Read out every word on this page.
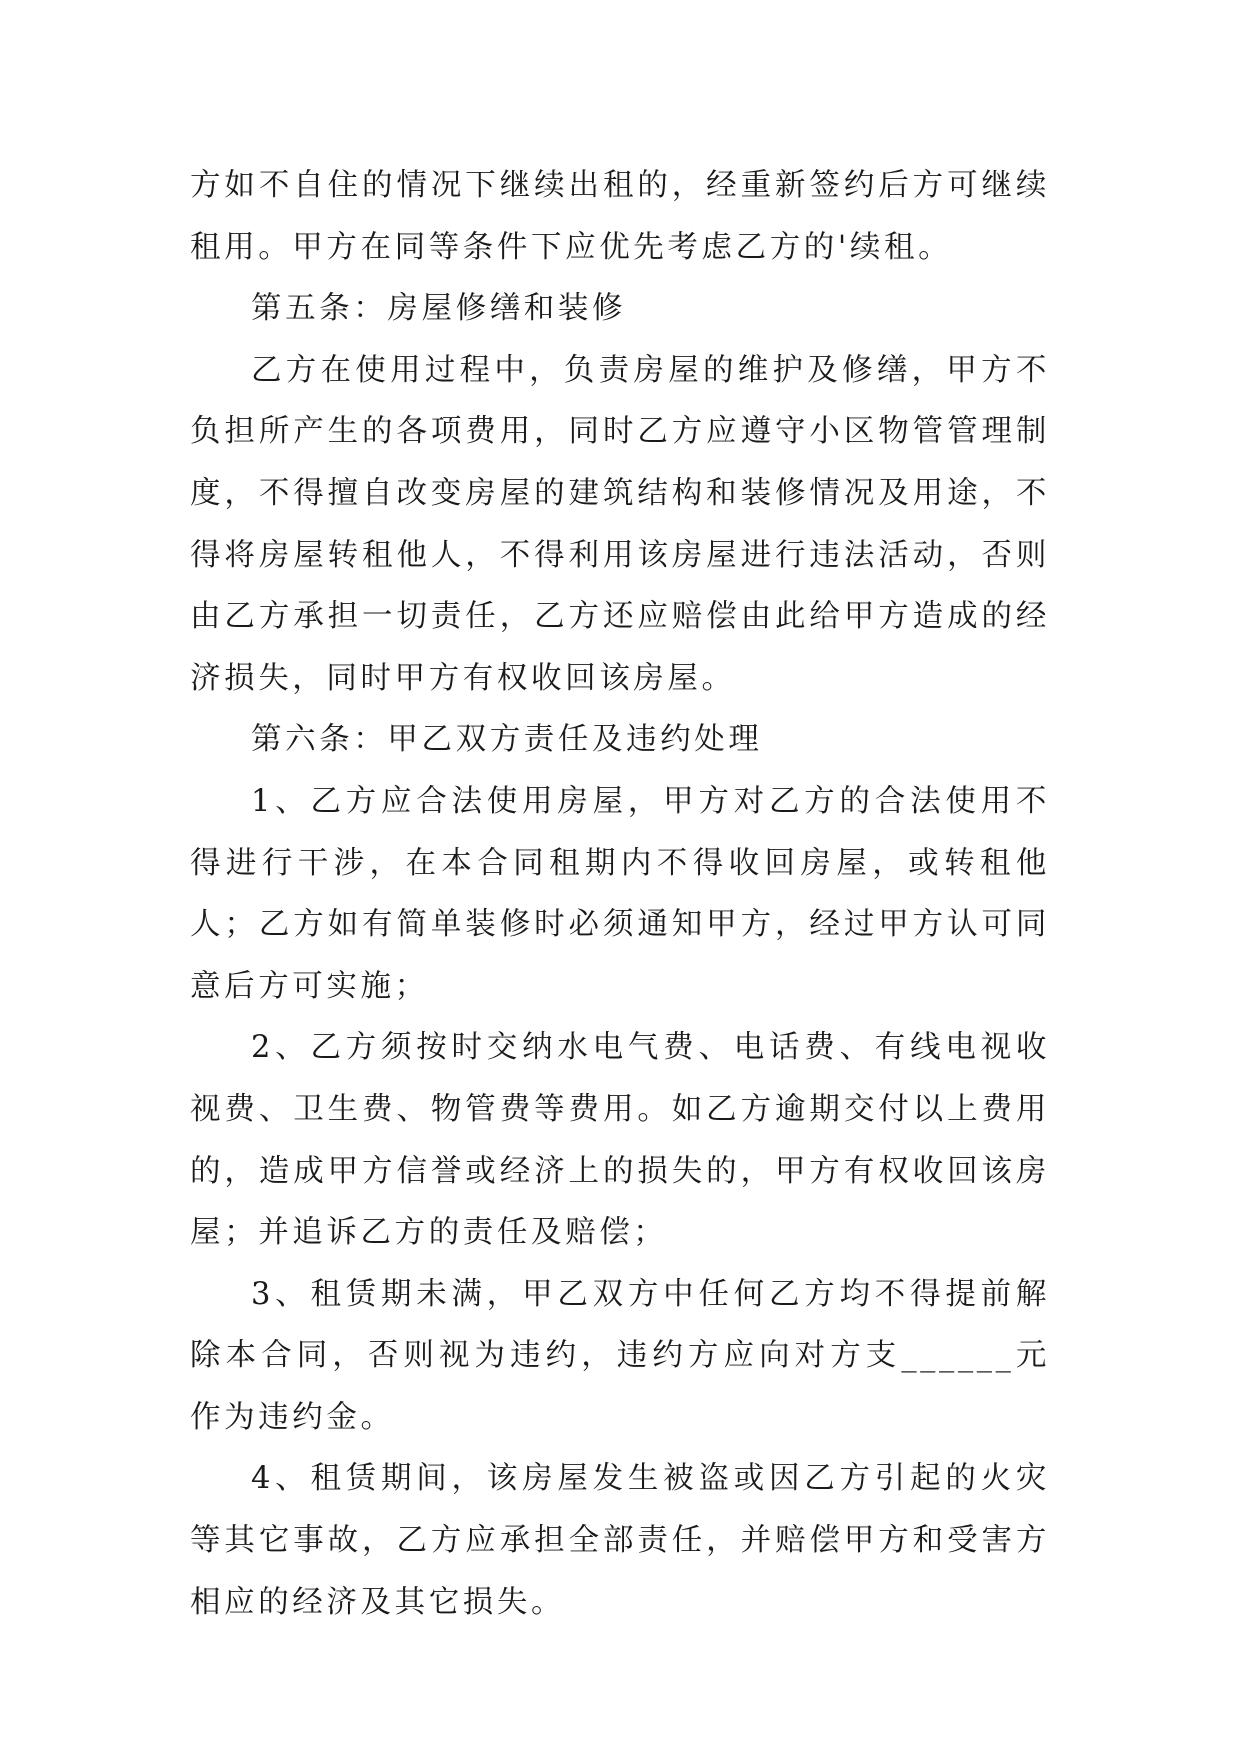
方如不自住的情况下继续出租的，经重新签约后方可继续租用。甲方在同等条件下应优先考虑乙方的'续租。

第五条：房屋修缮和装修

乙方在使用过程中，负责房屋的维护及修缮，甲方不负担所产生的各项费用，同时乙方应遵守小区物管管理制度，不得擅自改变房屋的建筑结构和装修情况及用途，不得将房屋转租他人，不得利用该房屋进行违法活动，否则由乙方承担一切责任，乙方还应赔偿由此给甲方造成的经济损失，同时甲方有权收回该房屋。

第六条：甲乙双方责任及违约处理

1、乙方应合法使用房屋，甲方对乙方的合法使用不得进行干涉，在本合同租期内不得收回房屋，或转租他人；乙方如有简单装修时必须通知甲方，经过甲方认可同意后方可实施；

2、乙方须按时交纳水电气费、电话费、有线电视收视费、卫生费、物管费等费用。如乙方逾期交付以上费用的，造成甲方信誉或经济上的损失的，甲方有权收回该房屋；并追诉乙方的责任及赔偿；

3、租赁期未满，甲乙双方中任何乙方均不得提前解除本合同，否则视为违约，违约方应向对方支______元作为违约金。

4、租赁期间，该房屋发生被盗或因乙方引起的火灾等其它事故，乙方应承担全部责任，并赔偿甲方和受害方相应的经济及其它损失。
